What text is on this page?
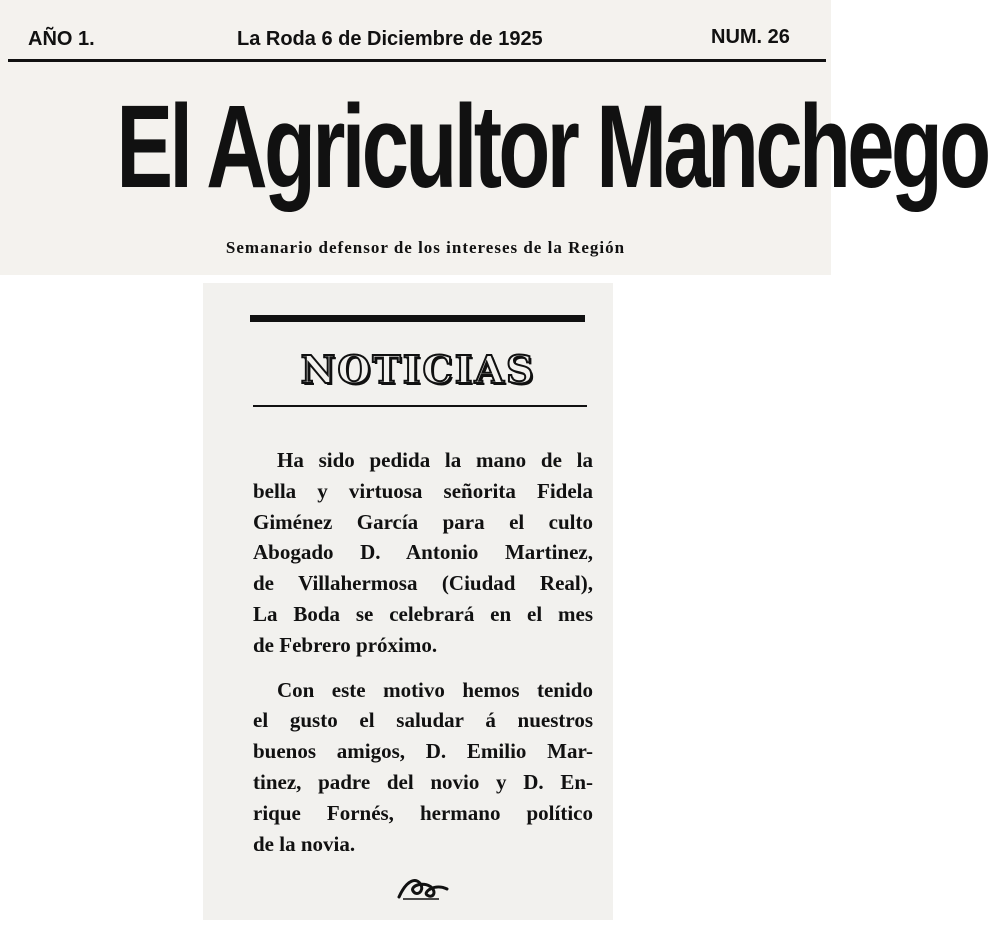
AÑO 1.	La Roda 6 de Diciembre de 1925	NUM. 26
El Agricultor Manchego
Semanario defensor de los intereses de la Región
NOTICIAS

Ha sido pedida la mano de la
bella y virtuosa señorita Fidela
Giménez García para el culto
Abogado D. Antonio Martinez,
de Villahermosa (Ciudad Real),
La Boda se celebrará en el mes
de Febrero próximo.

Con este motivo hemos tenido
el gusto el saludar á nuestros
buenos amigos, D. Emilio Mar-
tinez, padre del novio y D. En-
rique Fornés, hermano político
de la novia.
